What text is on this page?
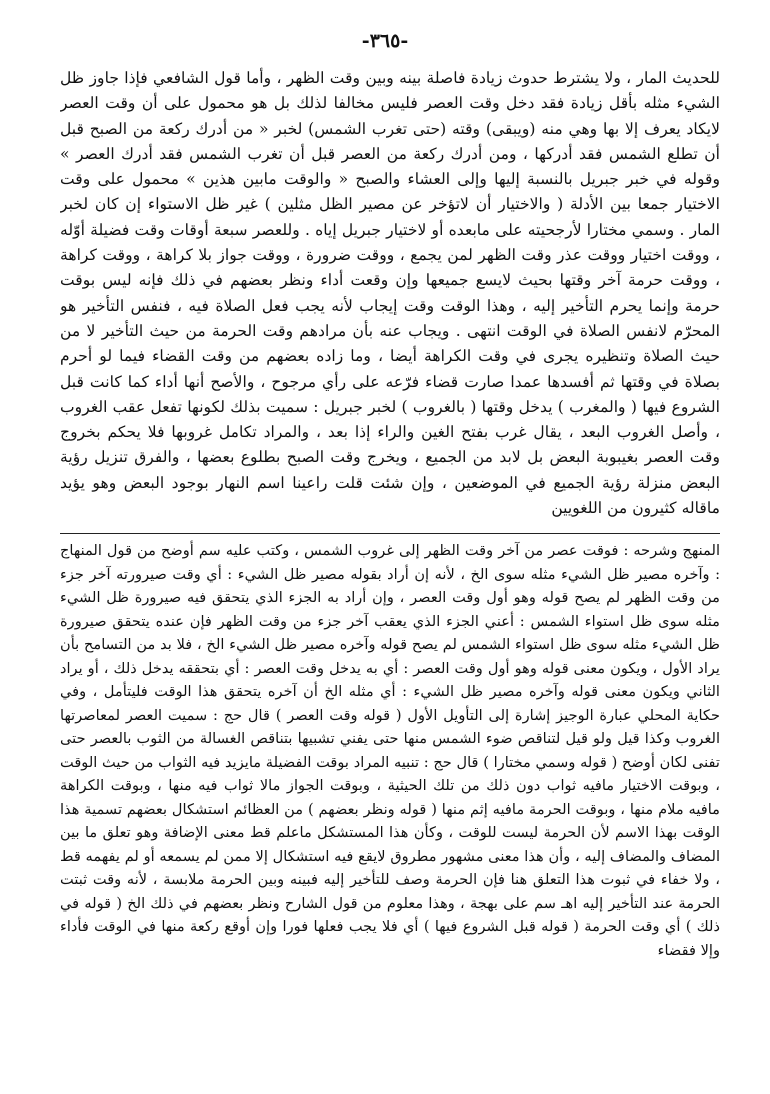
-٣٦٥-

للحديث المار ، ولا يشترط حدوث زيادة فاصلة بينه وبين وقت الظهر ، وأما قول الشافعي فإذا جاوز ظل الشيء مثله بأقل زيادة فقد دخل وقت العصر فليس مخالفا لذلك بل هو محمول على أن وقت العصر لايكاد يعرف إلا بها وهي منه (ويبقى) وقته (حتى تغرب الشمس) لخبر « من أدرك ركعة من الصبح قبل أن تطلع الشمس فقد أدركها ، ومن أدرك ركعة من العصر قبل أن تغرب الشمس فقد أدرك العصر » وقوله في خبر جبريل بالنسبة إليها وإلى العشاء والصبح « والوقت مابين هذين » محمول على وقت الاختيار جمعا بين الأدلة ( والاختيار أن لاتؤخر عن مصير الظل مثلين ) غير ظل الاستواء إن كان لخبر المار . وسمي مختارا لأرجحيته على مابعده أو لاختيار جبريل إياه . وللعصر سبعة أوقات وقت فضيلة أوّله ، ووقت اختيار ووقت عذر وقت الظهر لمن يجمع ، ووقت ضرورة ، ووقت جواز بلا كراهة ، ووقت كراهة ، ووقت حرمة آخر وقتها بحيث لايسع جميعها وإن وقعت أداء ونظر بعضهم في ذلك فإنه ليس بوقت حرمة وإنما يحرم التأخير إليه ، وهذا الوقت وقت إيجاب لأنه يجب فعل الصلاة فيه ، فنفس التأخير هو المحرّم لانفس الصلاة في الوقت انتهى . ويجاب عنه بأن مرادهم وقت الحرمة من حيث التأخير لا من حيث الصلاة وتنظيره يجرى في وقت الكراهة أيضا ، وما زاده بعضهم من وقت القضاء فيما لو أحرم بصلاة في وقتها ثم أفسدها عمدا صارت قضاء فرّعه على رأي مرجوح ، والأصح أنها أداء كما كانت قبل الشروع فيها ( والمغرب ) يدخل وقتها ( بالغروب ) لخبر جبريل : سميت بذلك لكونها تفعل عقب الغروب ، وأصل الغروب البعد ، يقال غرب بفتح الغين والراء إذا بعد ، والمراد تكامل غروبها فلا يحكم بخروج وقت العصر بغيبوبة البعض بل لابد من الجميع ، ويخرج وقت الصبح بطلوع بعضها ، والفرق تنزيل رؤية البعض منزلة رؤية الجميع في الموضعين ، وإن شئت قلت راعينا اسم النهار بوجود البعض وهو يؤيد ماقاله كثيرون من اللغويين

المنهج وشرحه : فوقت عصر من آخر وقت الظهر إلى غروب الشمس ، وكتب عليه سم أوضح من قول المنهاج : وآخره مصير ظل الشيء مثله سوى الخ ، لأنه إن أراد بقوله مصير ظل الشيء : أي وقت صيرورته آخر جزء من وقت الظهر لم يصح قوله وهو أول وقت العصر ، وإن أراد به الجزء الذي يتحقق فيه صيرورة ظل الشيء مثله سوى ظل استواء الشمس : أعني الجزء الذي يعقب آخر جزء من وقت الظهر فإن عنده يتحقق صيرورة ظل الشيء مثله سوى ظل استواء الشمس لم يصح قوله وآخره مصير ظل الشيء الخ ، فلا بد من التسامح بأن يراد الأول ، ويكون معنى قوله وهو أول وقت العصر : أي به يدخل وقت العصر : أي بتحققه يدخل ذلك ، أو يراد الثاني ويكون معنى قوله وآخره مصير ظل الشيء : أي مثله الخ أن آخره يتحقق هذا الوقت فليتأمل ، وفي حكاية المحلي عبارة الوجيز إشارة إلى التأويل الأول ( قوله وقت العصر ) قال حج : سميت العصر لمعاصرتها الغروب وكذا قيل ولو قيل لتناقص ضوء الشمس منها حتى يفني تشبيها بتناقص الغسالة من الثوب بالعصر حتى تفنى لكان أوضح ( قوله وسمي مختارا ) قال حج : تنبيه المراد بوقت الفضيلة مايزيد فيه الثواب من حيث الوقت ، وبوقت الاختيار مافيه ثواب دون ذلك من تلك الحيثية ، وبوقت الجواز مالا ثواب فيه منها ، وبوقت الكراهة مافيه ملام منها ، وبوقت الحرمة مافيه إثم منها ( قوله ونظر بعضهم ) من العظائم استشكال بعضهم تسمية هذا الوقت بهذا الاسم لأن الحرمة ليست للوقت ، وكأن هذا المستشكل ماعلم قط معنى الإضافة وهو تعلق ما بين المضاف والمضاف إليه ، وأن هذا معنى مشهور مطروق لايقع فيه استشكال إلا ممن لم يسمعه أو لم يفهمه قط ، ولا خفاء في ثبوت هذا التعلق هنا فإن الحرمة وصف للتأخير إليه فبينه وبين الحرمة ملابسة ، لأنه وقت ثبتت الحرمة عند التأخير إليه اهـ سم على بهجة ، وهذا معلوم من قول الشارح ونظر بعضهم في ذلك الخ ( قوله في ذلك ) أي وقت الحرمة ( قوله قبل الشروع فيها ) أي فلا يجب فعلها فورا وإن أوقع ركعة منها في الوقت فأداء وإلا فقضاء
